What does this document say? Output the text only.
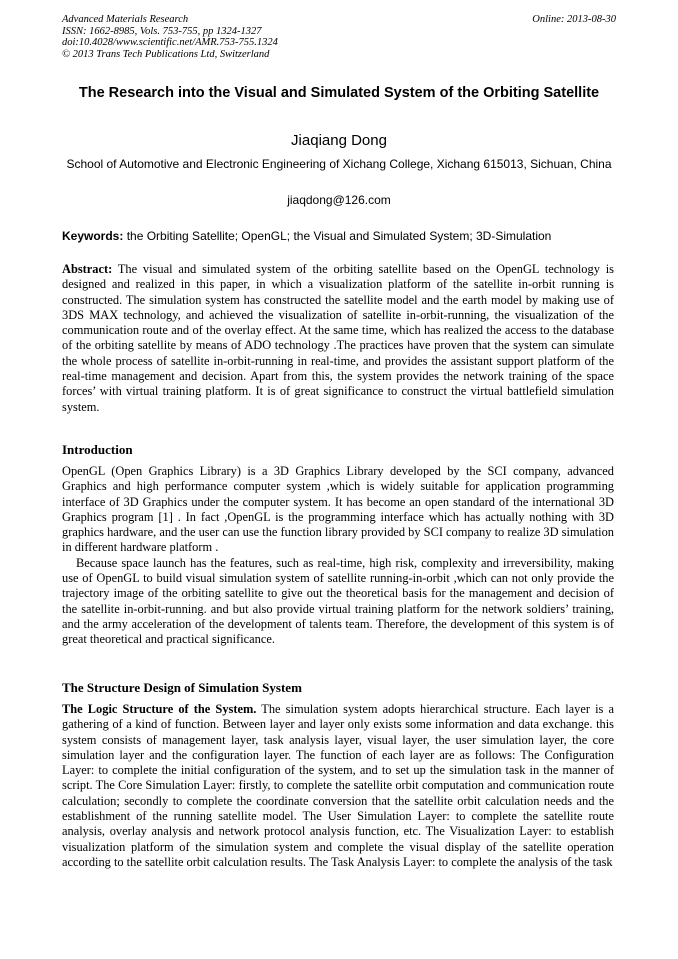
Advanced Materials Research
ISSN: 1662-8985, Vols. 753-755, pp 1324-1327
doi:10.4028/www.scientific.net/AMR.753-755.1324
© 2013 Trans Tech Publications Ltd, Switzerland
Online: 2013-08-30
The Research into the Visual and Simulated System of the Orbiting Satellite
Jiaqiang Dong
School of Automotive and Electronic Engineering of Xichang College, Xichang 615013, Sichuan, China
jiaqdong@126.com
Keywords: the Orbiting Satellite; OpenGL; the Visual and Simulated System; 3D-Simulation

Abstract: The visual and simulated system of the orbiting satellite based on the OpenGL technology is designed and realized in this paper, in which a visualization platform of the satellite in-orbit running is constructed. The simulation system has constructed the satellite model and the earth model by making use of 3DS MAX technology, and achieved the visualization of satellite in-orbit-running, the visualization of the communication route and of the overlay effect. At the same time, which has realized the access to the database of the orbiting satellite by means of ADO technology .The practices have proven that the system can simulate the whole process of satellite in-orbit-running in real-time, and provides the assistant support platform of the real-time management and decision. Apart from this, the system provides the network training of the space forces’ with virtual training platform. It is of great significance to construct the virtual battlefield simulation system.

Introduction

OpenGL (Open Graphics Library) is a 3D Graphics Library developed by the SCI company, advanced Graphics and high performance computer system ,which is widely suitable for application programming interface of 3D Graphics under the computer system. It has become an open standard of the international 3D Graphics program [1] . In fact ,OpenGL is the programming interface which has actually nothing with 3D graphics hardware, and the user can use the function library provided by SCI company to realize 3D simulation in different hardware platform .

Because space launch has the features, such as real-time, high risk, complexity and irreversibility, making use of OpenGL to build visual simulation system of satellite running-in-orbit ,which can not only provide the trajectory image of the orbiting satellite to give out the theoretical basis for the management and decision of the satellite in-orbit-running. and but also provide virtual training platform for the network soldiers’ training, and the army acceleration of the development of talents team. Therefore, the development of this system is of great theoretical and practical significance.

The Structure Design of Simulation System

The Logic Structure of the System. The simulation system adopts hierarchical structure. Each layer is a gathering of a kind of function. Between layer and layer only exists some information and data exchange. this system consists of management layer, task analysis layer, visual layer, the user simulation layer, the core simulation layer and the configuration layer. The function of each layer are as follows: The Configuration Layer: to complete the initial configuration of the system, and to set up the simulation task in the manner of script. The Core Simulation Layer: firstly, to complete the satellite orbit computation and communication route calculation; secondly to complete the coordinate conversion that the satellite orbit calculation needs and the establishment of the running satellite model. The User Simulation Layer: to complete the satellite route analysis, overlay analysis and network protocol analysis function, etc. The Visualization Layer: to establish visualization platform of the simulation system and complete the visual display of the satellite operation according to the satellite orbit calculation results. The Task Analysis Layer: to complete the analysis of the task
